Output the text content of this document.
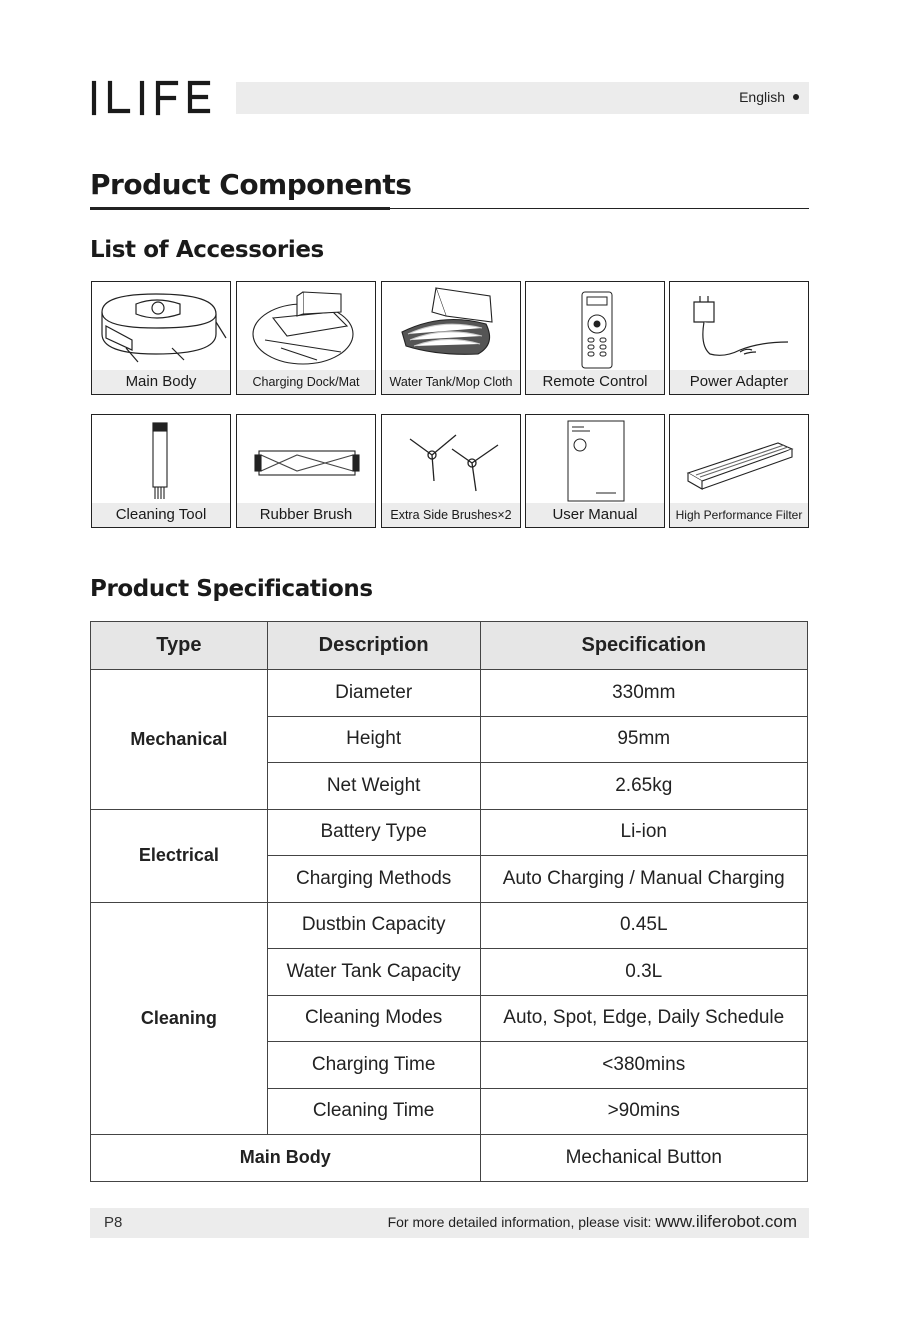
English
Product Components
List of Accessories
Main Body	Charging Dock/Mat	Water Tank/Mop Cloth	Remote Control	Power Adapter
Cleaning Tool	Rubber Brush	Extra Side Brushes×2	User Manual	High Performance Filter
Product Specifications
Type	Description	Specification
Mechanical	Diameter	330mm
	Height	95mm
	Net Weight	2.65kg
Electrical	Battery Type	Li-ion
	Charging Methods	Auto Charging / Manual Charging
Cleaning	Dustbin Capacity	0.45L
	Water Tank Capacity	0.3L
	Cleaning Modes	Auto, Spot, Edge, Daily Schedule
	Charging Time	<380mins
	Cleaning Time	>90mins
Main Body		Mechanical Button
P8	For more detailed information, please visit: www.iliferobot.com
